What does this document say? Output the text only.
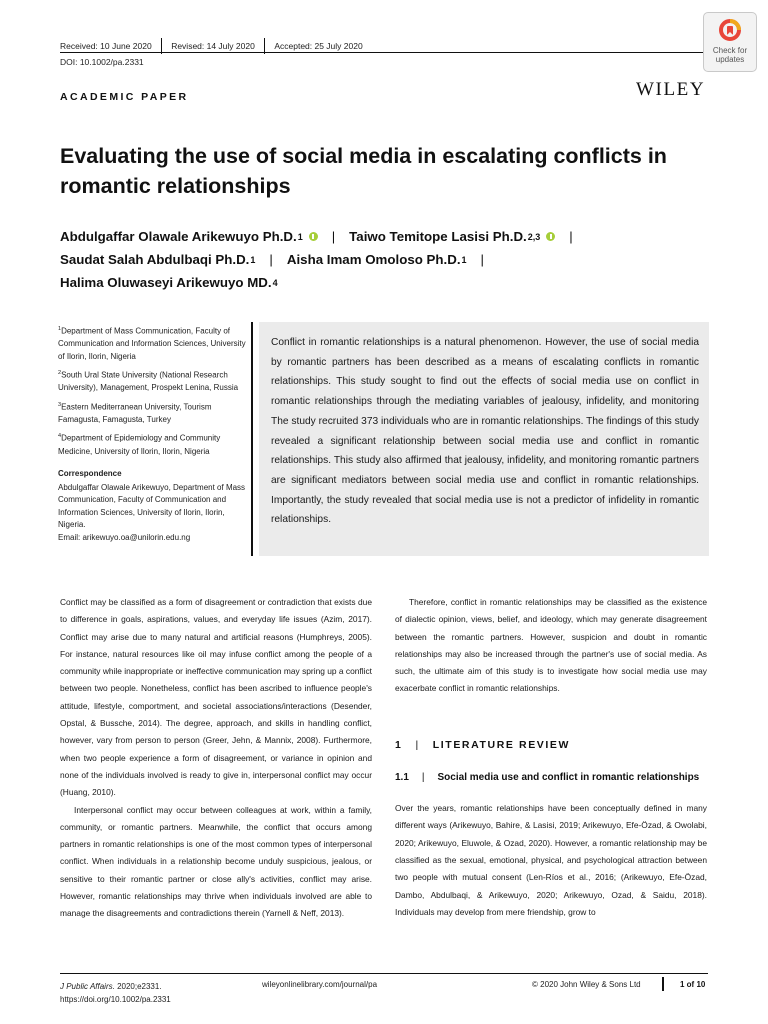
Received: 10 June 2020 Revised: 14 July 2020 Accepted: 25 July 2020
DOI: 10.1002/pa.2331
Check for
updates
ACADEMIC PAPER	WILEY
Evaluating the use of social media in escalating conflicts in romantic relationships
Abdulgaffar Olawale Arikewuyo Ph.D.$^1$ | Taiwo Temitope Lasisi Ph.D.$^{2,3}$ |
Saudat Salah Abdulbaqi Ph.D.$^1$ | Aisha Imam Omoloso Ph.D.$^1$ |
Halima Oluwaseyi Arikewuyo MD.$^4$

$^1$Department of Mass Communication, Faculty of Communication and Information Sciences, University of Ilorin, Ilorin, Nigeria

$^2$South Ural State University (National Research University), Management, Prospekt Lenina, Russia

$^3$Eastern Mediterranean University, Tourism Famagusta, Famagusta, Turkey

$^4$Department of Epidemiology and Community Medicine, University of Ilorin, Ilorin, Nigeria

Correspondence

Abdulgaffar Olawale Arikewuyo, Department of Mass Communication, Faculty of Communication and Information Sciences, University of Ilorin, Ilorin, Nigeria.
Email: arikewuyo.oa@unilorin.edu.ng

Conflict in romantic relationships is a natural phenomenon. However, the use of social media by romantic partners has been described as a means of escalating conflicts in romantic relationships. This study sought to find out the effects of social media use on conflict in romantic relationships through the mediating variables of jealousy, infidelity, and monitoring The study recruited 373 individuals who are in romantic relationships. The findings of this study revealed a significant relationship between social media use and conflict in romantic relationships. This study also affirmed that jealousy, infidelity, and monitoring romantic partners are significant mediators between social media use and conflict in romantic relationships. Importantly, the study revealed that social media use is not a predictor of infidelity in romantic relationships.

Conflict may be classified as a form of disagreement or contradiction that exists due to difference in goals, aspirations, values, and everyday life issues (Azim, 2017). Conflict may arise due to many natural and artificial reasons (Humphreys, 2005). For instance, natural resources like oil may infuse conflict among the people of a community while inappropriate or ineffective communication may spring up a conflict between two people. Nonetheless, conflict has been ascribed to influence people's attitude, lifestyle, comportment, and societal associations/interactions (Desender, Opstal, & Bussche, 2014). The degree, approach, and skills in handling conflict, however, vary from person to person (Greer, Jehn, & Mannix, 2008). Furthermore, when two people experience a form of disagreement, or variance in opinion and none of the individuals involved is ready to give in, interpersonal conflict may occur (Huang, 2010).

Interpersonal conflict may occur between colleagues at work, within a family, community, or romantic partners. Meanwhile, the conflict that occurs among partners in romantic relationships is one of the most common types of interpersonal conflict. When individuals in a relationship become unduly suspicious, jealous, or sensitive to their romantic partner or close ally's activities, conflict may arise. However, romantic relationships may thrive when individuals involved are able to manage the disagreements and contradictions therein (Yarnell & Neff, 2013).

Therefore, conflict in romantic relationships may be classified as the existence of dialectic opinion, views, belief, and ideology, which may generate disagreement between the romantic partners. However, suspicion and doubt in romantic relationships may also be increased through the partner's use of social media. As such, the ultimate aim of this study is to investigate how social media use may exacerbate conflict in romantic relationships.

1 | LITERATURE REVIEW
1.1 | Social media use and conflict in romantic relationships

Over the years, romantic relationships have been conceptually defined in many different ways (Arikewuyo, Bahire, & Lasisi, 2019; Arikewuyo, Efe-Özad, & Owolabi, 2020; Arikewuyo, Eluwole, & Ozad, 2020). However, a romantic relationship may be classified as the sexual, emotional, physical, and psychological attraction between two people with mutual consent (Len-Ríos et al., 2016; (Arikewuyo, Efe-Özad, Dambo, Abdulbaqi, & Arikewuyo, 2020; Arikewuyo, Ozad, & Saidu, 2018). Individuals may develop from mere friendship, grow to

J Public Affairs. 2020;e2331.
https://doi.org/10.1002/pa.2331
wileyonlinelibrary.com/journal/pa	© 2020 John Wiley & Sons Ltd	1 of 10
